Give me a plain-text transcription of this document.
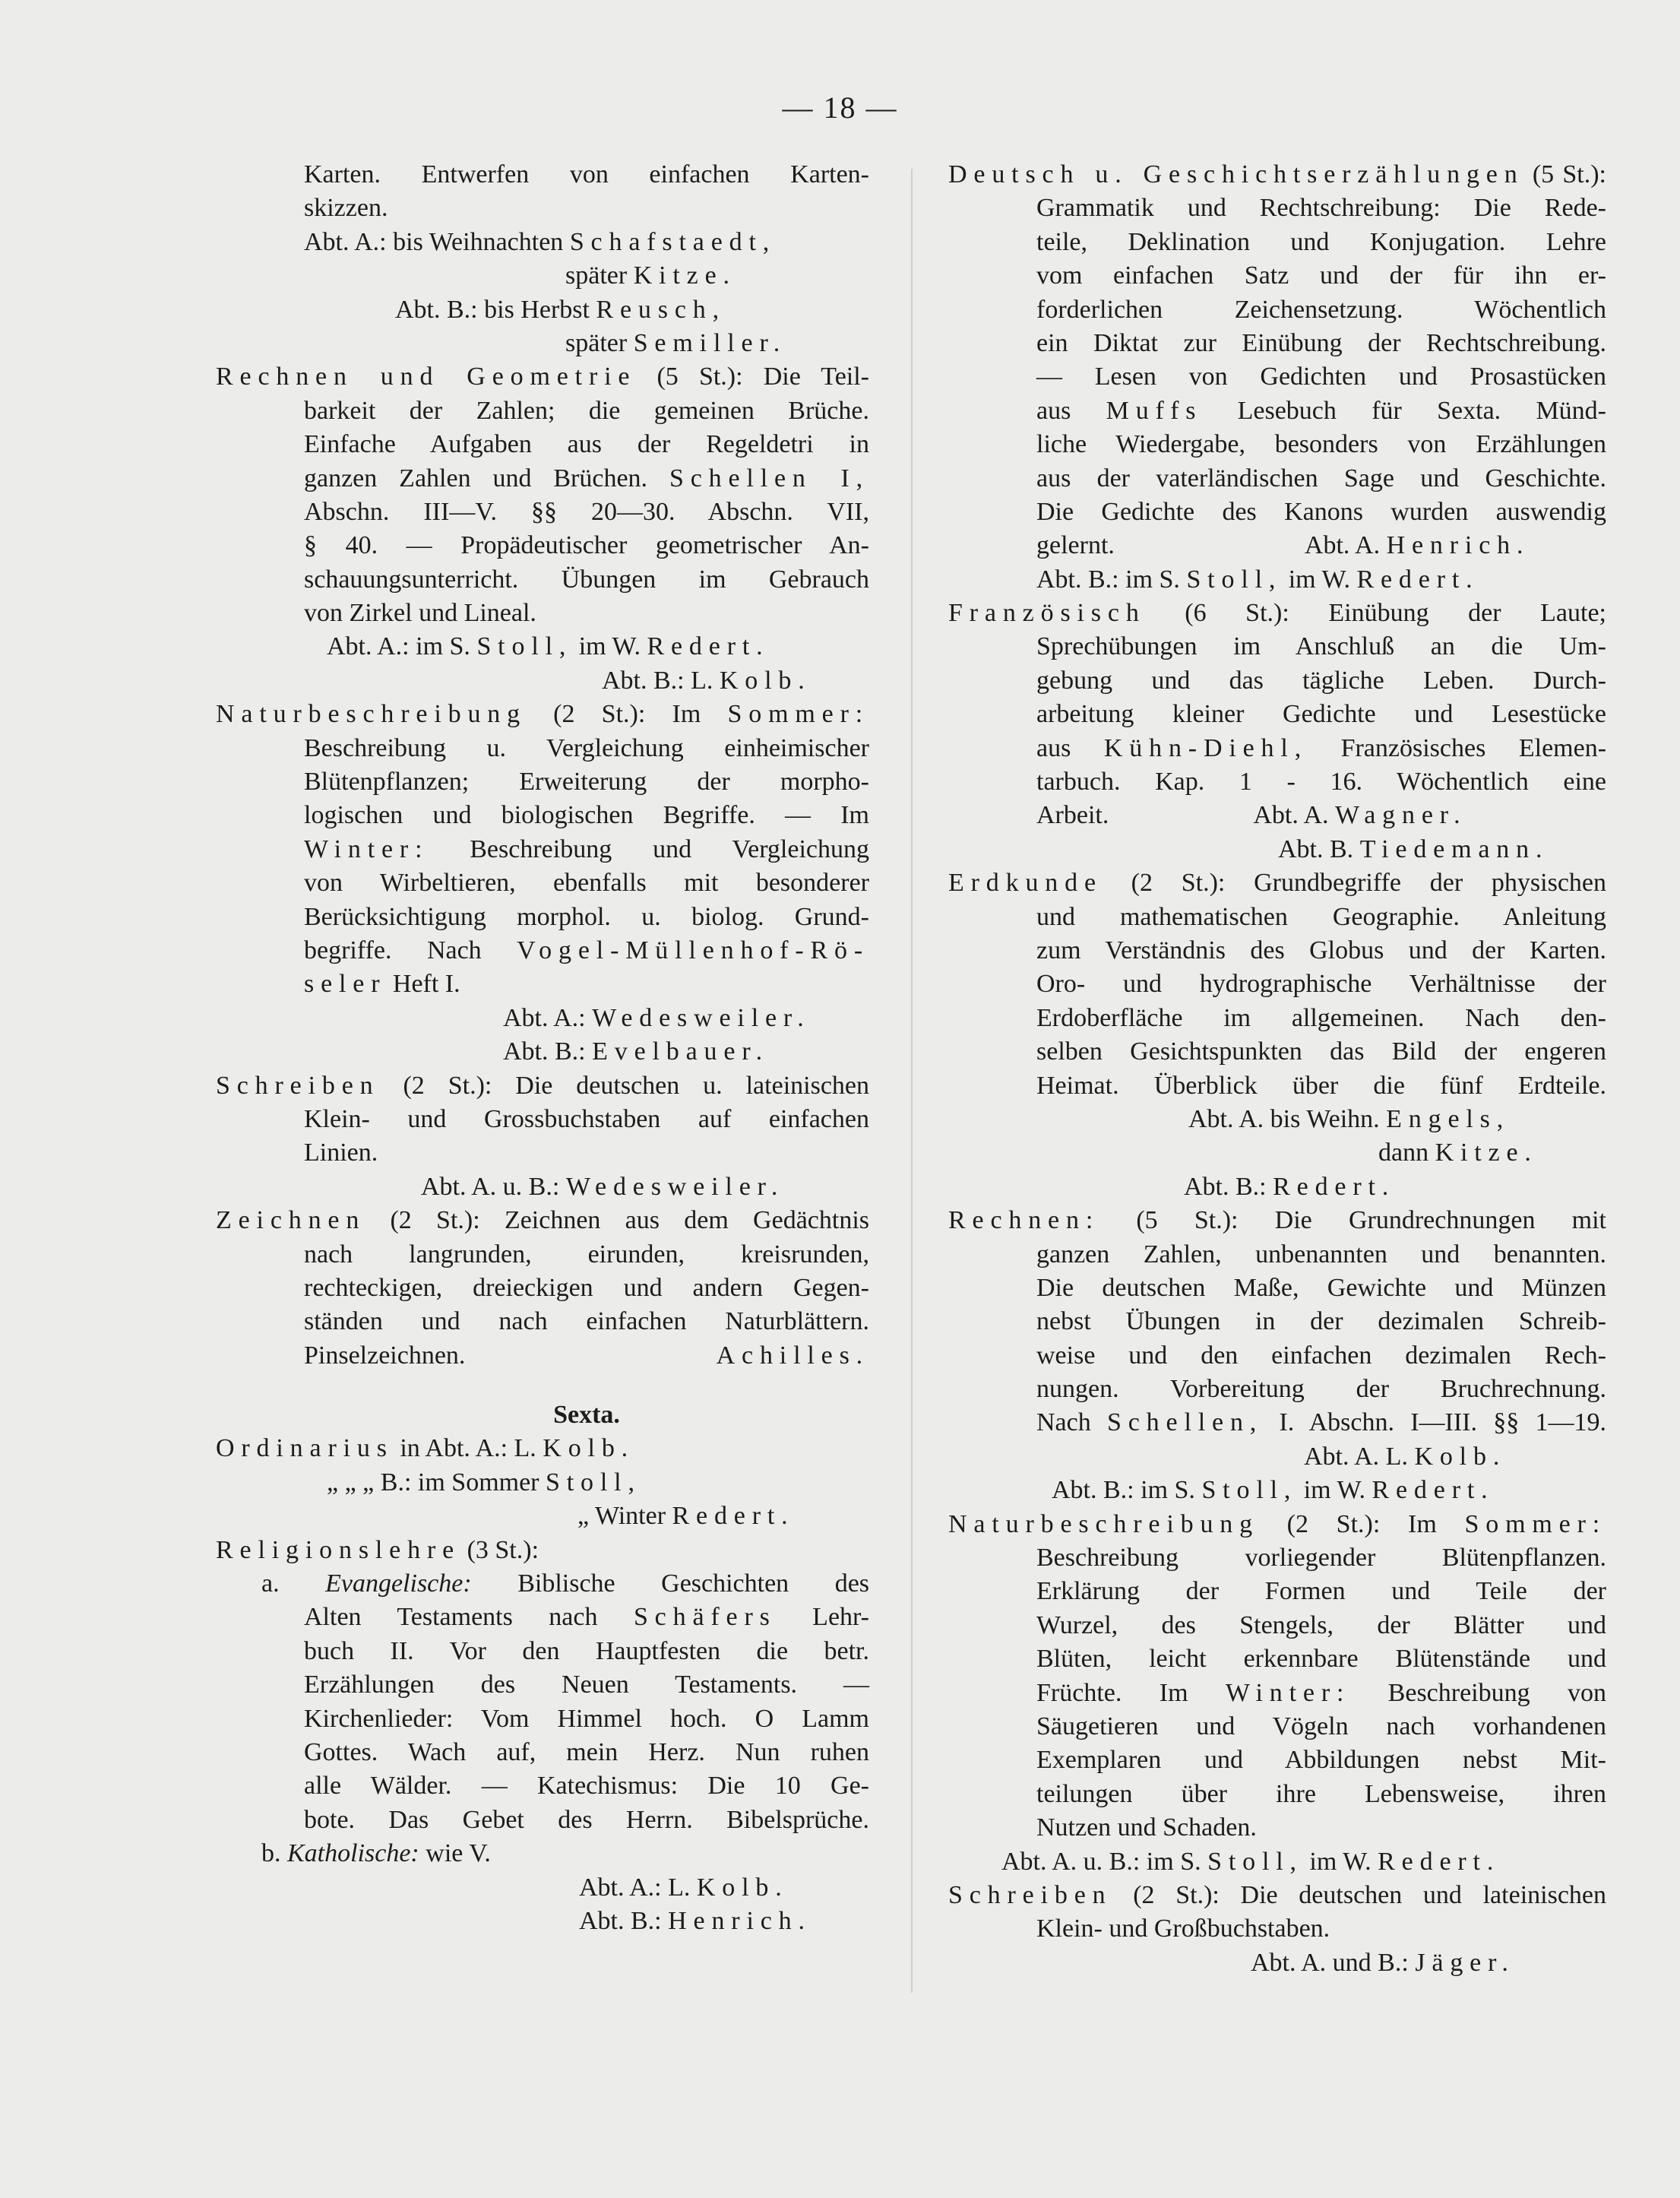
— 18 —
Karten. Entwerfen von einfachen Karten-
skizzen.
Abt. A.: bis Weihnachten Schafstaedt,
später Kitze.
Abt. B.: bis Herbst Reusch,
später Semiller.
Rechnen und Geometrie (5 St.): Die Teil-
barkeit der Zahlen; die gemeinen Brüche.
Einfache Aufgaben aus der Regeldetri in
ganzen Zahlen und Brüchen. Schellen I,
Abschn. III—V. §§ 20—30. Abschn. VII,
§ 40. — Propädeutischer geometrischer An-
schauungsunterricht. Übungen im Gebrauch
von Zirkel und Lineal.
Abt. A.: im S. Stoll, im W. Redert.
Abt. B.: L. Kolb.
Naturbeschreibung (2 St.): Im Sommer:
Beschreibung u. Vergleichung einheimischer
Blütenpflanzen; Erweiterung der morpho-
logischen und biologischen Begriffe. — Im
Winter: Beschreibung und Vergleichung
von Wirbeltieren, ebenfalls mit besonderer
Berücksichtigung morphol. u. biolog. Grund-
begriffe. Nach Vogel-Müllenhof-Rö-
seler Heft I.
Abt. A.: Wedesweiler.
Abt. B.: Evelbauer.
Schreiben (2 St.): Die deutschen u. lateinischen
Klein- und Grossbuchstaben auf einfachen
Linien.
Abt. A. u. B.: Wedesweiler.
Zeichnen (2 St.): Zeichnen aus dem Gedächtnis
nach langrunden, eirunden, kreisrunden,
rechteckigen, dreieckigen und andern Gegen-
ständen und nach einfachen Naturblättern.
Pinselzeichnen.	Achilles.
Sexta.
Ordinarius in Abt. A.: L. Kolb.
„ „ „ B.: im Sommer Stoll,
„ Winter Redert.
Religionslehre (3 St.):
a. Evangelische: Biblische Geschichten des
Alten Testaments nach Schäfers Lehr-
buch II. Vor den Hauptfesten die betr.
Erzählungen des Neuen Testaments. —
Kirchenlieder: Vom Himmel hoch. O Lamm
Gottes. Wach auf, mein Herz. Nun ruhen
alle Wälder. — Katechismus: Die 10 Ge-
bote. Das Gebet des Herrn. Bibelsprüche.
b. Katholische: wie V.
Abt. A.: L. Kolb.
Abt. B.: Henrich.
Deutsch u. Geschichtserzählungen (5 St.):
Grammatik und Rechtschreibung: Die Rede-
teile, Deklination und Konjugation. Lehre
vom einfachen Satz und der für ihn er-
forderlichen Zeichensetzung. Wöchentlich
ein Diktat zur Einübung der Rechtschreibung.
— Lesen von Gedichten und Prosastücken
aus Muffs Lesebuch für Sexta. Münd-
liche Wiedergabe, besonders von Erzählungen
aus der vaterländischen Sage und Geschichte.
Die Gedichte des Kanons wurden auswendig
gelernt.	Abt. A. Henrich.
Abt. B.: im S. Stoll, im W. Redert.
Französisch (6 St.): Einübung der Laute;
Sprechübungen im Anschluß an die Um-
gebung und das tägliche Leben. Durch-
arbeitung kleiner Gedichte und Lesestücke
aus Kühn-Diehl, Französisches Elemen-
tarbuch. Kap. 1 - 16. Wöchentlich eine
Arbeit.	Abt. A. Wagner.
Abt. B. Tiedemann.
Erdkunde (2 St.): Grundbegriffe der physischen
und mathematischen Geographie. Anleitung
zum Verständnis des Globus und der Karten.
Oro- und hydrographische Verhältnisse der
Erdoberfläche im allgemeinen. Nach den-
selben Gesichtspunkten das Bild der engeren
Heimat. Überblick über die fünf Erdteile.
Abt. A. bis Weihn. Engels,
dann Kitze.
Abt. B.: Redert.
Rechnen: (5 St.): Die Grundrechnungen mit
ganzen Zahlen, unbenannten und benannten.
Die deutschen Maße, Gewichte und Münzen
nebst Übungen in der dezimalen Schreib-
weise und den einfachen dezimalen Rech-
nungen. Vorbereitung der Bruchrechnung.
Nach Schellen, I. Abschn. I—III. §§ 1—19.
Abt. A. L. Kolb.
Abt. B.: im S. Stoll, im W. Redert.
Naturbeschreibung (2 St.): Im Sommer:
Beschreibung vorliegender Blütenpflanzen.
Erklärung der Formen und Teile der
Wurzel, des Stengels, der Blätter und
Blüten, leicht erkennbare Blütenstände und
Früchte. Im Winter: Beschreibung von
Säugetieren und Vögeln nach vorhandenen
Exemplaren und Abbildungen nebst Mit-
teilungen über ihre Lebensweise, ihren
Nutzen und Schaden.
Abt. A. u. B.: im S. Stoll, im W. Redert.
Schreiben (2 St.): Die deutschen und lateinischen
Klein- und Großbuchstaben.
Abt. A. und B.: Jäger.
